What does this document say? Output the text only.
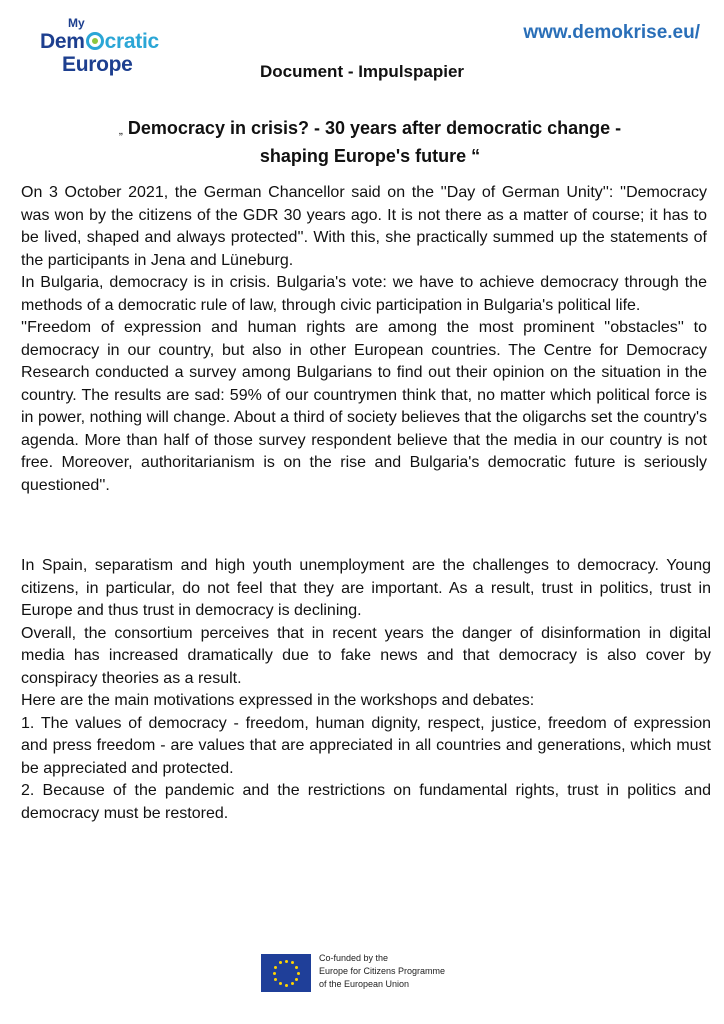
My
Dem cratic
Europe
www.demokrise.eu/
Document - Impulspapier
„ Democracy in crisis? - 30 years after democratic change -
shaping Europe's future “

On 3 October 2021, the German Chancellor said on the ''Day of German Unity'': ''Democracy was won by the citizens of the GDR 30 years ago. It is not there as a matter of course; it has to be lived, shaped and always protected''. With this, she practically summed up the statements of the participants in Jena and Lüneburg.

In Bulgaria, democracy is in crisis. Bulgaria's vote: we have to achieve democracy through the methods of a democratic rule of law, through civic participation in Bulgaria's political life.

''Freedom of expression and human rights are among the most prominent ''obstacles'' to democracy in our country, but also in other European countries. The Centre for Democracy Research conducted a survey among Bulgarians to find out their opinion on the situation in the country. The results are sad: 59% of our countrymen think that, no matter which political force is in power, nothing will change. About a third of society believes that the oligarchs set the country's agenda. More than half of those survey respondent believe that the media in our country is not free. Moreover, authoritarianism is on the rise and Bulgaria's democratic future is seriously questioned''.

In Spain, separatism and high youth unemployment are the challenges to democracy. Young citizens, in particular, do not feel that they are important. As a result, trust in politics, trust in Europe and thus trust in democracy is declining.

Overall, the consortium perceives that in recent years the danger of disinformation in digital media has increased dramatically due to fake news and that democracy is also cover by conspiracy theories as a result.

Here are the main motivations expressed in the workshops and debates:

1. The values of democracy - freedom, human dignity, respect, justice, freedom of expression and press freedom - are values that are appreciated in all countries and generations, which must be appreciated and protected.

2. Because of the pandemic and the restrictions on fundamental rights, trust in politics and democracy must be restored.

Co-funded by the
Europe for Citizens Programme
of the European Union
